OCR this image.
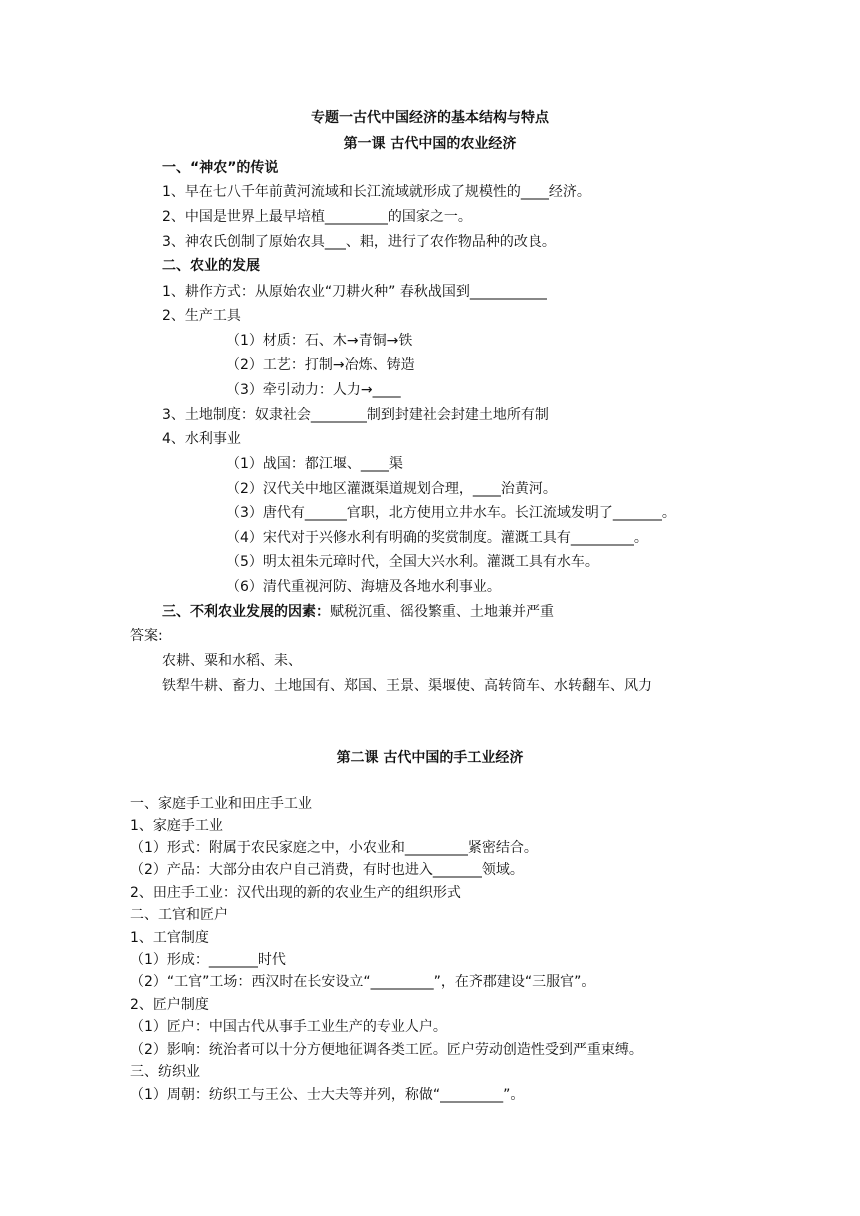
专题一古代中国经济的基本结构与特点
第一课 古代中国的农业经济
一、“神农”的传说
1、早在七八千年前黄河流域和长江流域就形成了规模性的____经济。
2、中国是世界上最早培植_________的国家之一。
3、神农氏创制了原始农具___、耜，进行了农作物品种的改良。
二、农业的发展
1、耕作方式：从原始农业“刀耕火种” 春秋战国到___________
2、生产工具
（1）材质：石、木→青铜→铁
（2）工艺：打制→冶炼、铸造
（3）牵引动力：人力→____
3、土地制度：奴隶社会________制到封建社会封建土地所有制
4、水利事业
（1）战国：都江堰、____渠
（2）汉代关中地区灌溉渠道规划合理，____治黄河。
（3）唐代有______官职，北方使用立井水车。长江流域发明了_______。
（4）宋代对于兴修水利有明确的奖赏制度。灌溉工具有_________。
（5）明太祖朱元璋时代，全国大兴水利。灌溉工具有水车。
（6）清代重视河防、海塘及各地水利事业。
三、不利农业发展的因素：赋税沉重、徭役繁重、土地兼并严重
答案:
农耕、粟和水稻、耒、
铁犁牛耕、畜力、土地国有、郑国、王景、渠堰使、高转筒车、水转翻车、风力
第二课 古代中国的手工业经济
一、家庭手工业和田庄手工业
1、家庭手工业
（1）形式：附属于农民家庭之中，小农业和_________紧密结合。
（2）产品：大部分由农户自己消费，有时也进入_______领域。
2、田庄手工业：汉代出现的新的农业生产的组织形式
二、工官和匠户
1、工官制度
（1）形成：_______时代
（2）“工官”工场：西汉时在长安设立“_________”，在齐郡建设“三服官”。
2、匠户制度
（1）匠户：中国古代从事手工业生产的专业人户。
（2）影响：统治者可以十分方便地征调各类工匠。匠户劳动创造性受到严重束缚。
三、纺织业
（1）周朝：纺织工与王公、士大夫等并列，称做“_________”。
